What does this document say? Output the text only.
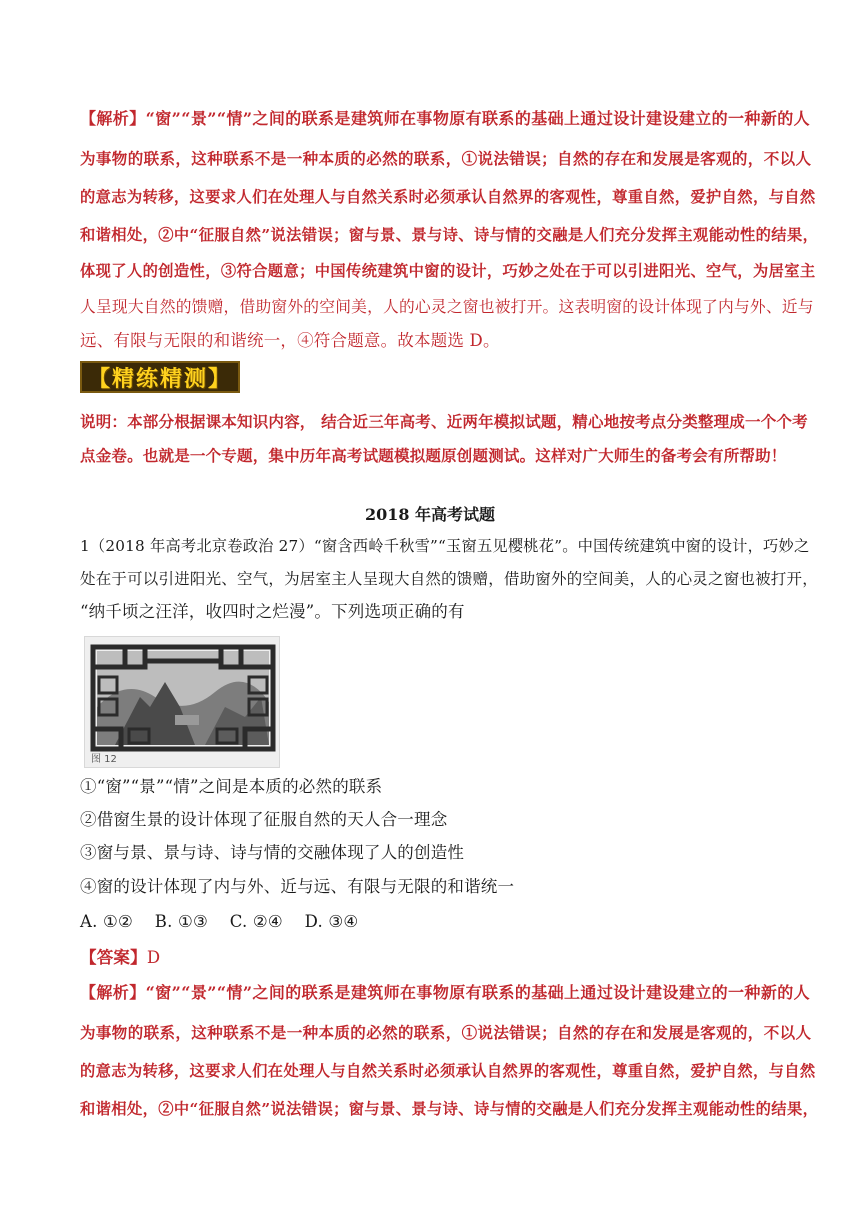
【解析】“窗”“景”“情”之间的联系是建筑师在事物原有联系的基础上通过设计建设建立的一种新的人
为事物的联系，这种联系不是一种本质的必然的联系，①说法错误；自然的存在和发展是客观的，不以人
的意志为转移，这要求人们在处理人与自然关系时必须承认自然界的客观性，尊重自然，爱护自然，与自然
和谐相处，②中“征服自然”说法错误；窗与景、景与诗、诗与情的交融是人们充分发挥主观能动性的结果，
体现了人的创造性，③符合题意；中国传统建筑中窗的设计，巧妙之处在于可以引进阳光、空气，为居室主
人呈现大自然的馈赠，借助窗外的空间美，人的心灵之窗也被打开。这表明窗的设计体现了内与外、近与
远、有限与无限的和谐统一，④符合题意。故本题选 D。
【精练精测】
说明：本部分根据课本知识内容， 结合近三年高考、近两年模拟试题，精心地按考点分类整理成一个个考
点金卷。也就是一个专题，集中历年高考试题模拟题原创题测试。这样对广大师生的备考会有所帮助！
2018 年高考试题
1（2018 年高考北京卷政治 27）“窗含西岭千秋雪”“玉窗五见樱桃花”。中国传统建筑中窗的设计，巧妙之
处在于可以引进阳光、空气，为居室主人呈现大自然的馈赠，借助窗外的空间美，人的心灵之窗也被打开，
“纳千顷之汪洋，收四时之烂漫”。下列选项正确的有
图 12
①“窗”“景”“情”之间是本质的必然的联系
②借窗生景的设计体现了征服自然的天人合一理念
③窗与景、景与诗、诗与情的交融体现了人的创造性
④窗的设计体现了内与外、近与远、有限与无限的和谐统一
A. ①②    B. ①③    C. ②④    D. ③④
【答案】D
【解析】“窗”“景”“情”之间的联系是建筑师在事物原有联系的基础上通过设计建设建立的一种新的人
为事物的联系，这种联系不是一种本质的必然的联系，①说法错误；自然的存在和发展是客观的，不以人
的意志为转移，这要求人们在处理人与自然关系时必须承认自然界的客观性，尊重自然，爱护自然，与自然
和谐相处，②中“征服自然”说法错误；窗与景、景与诗、诗与情的交融是人们充分发挥主观能动性的结果，
